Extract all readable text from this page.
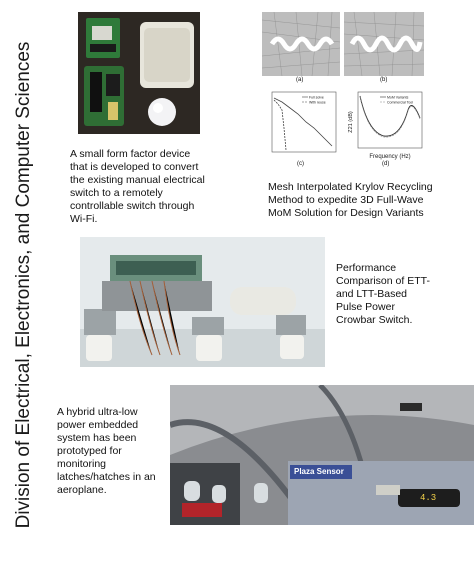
Division of Electrical, Electronics, and Computer Sciences	A small form factor device that is developed to convert the existing manual electrical switch to a remotely controllable switch through Wi-Fi.
(a)	(b)
Full solve
With reuse
(c)
MoM Variants
Commercial Tool
Frequency (Hz)
Z21 (dB)
(d)
Mesh Interpolated Krylov Recycling Method to expedite 3D Full-Wave MoM Solution for Design Variants
Performance Comparison of ETT- and LTT-Based Pulse Power Crowbar Switch.
A hybrid ultra-low power embedded system has been prototyped for monitoring latches/hatches in an aeroplane.
Plaza Sensor
4.3
